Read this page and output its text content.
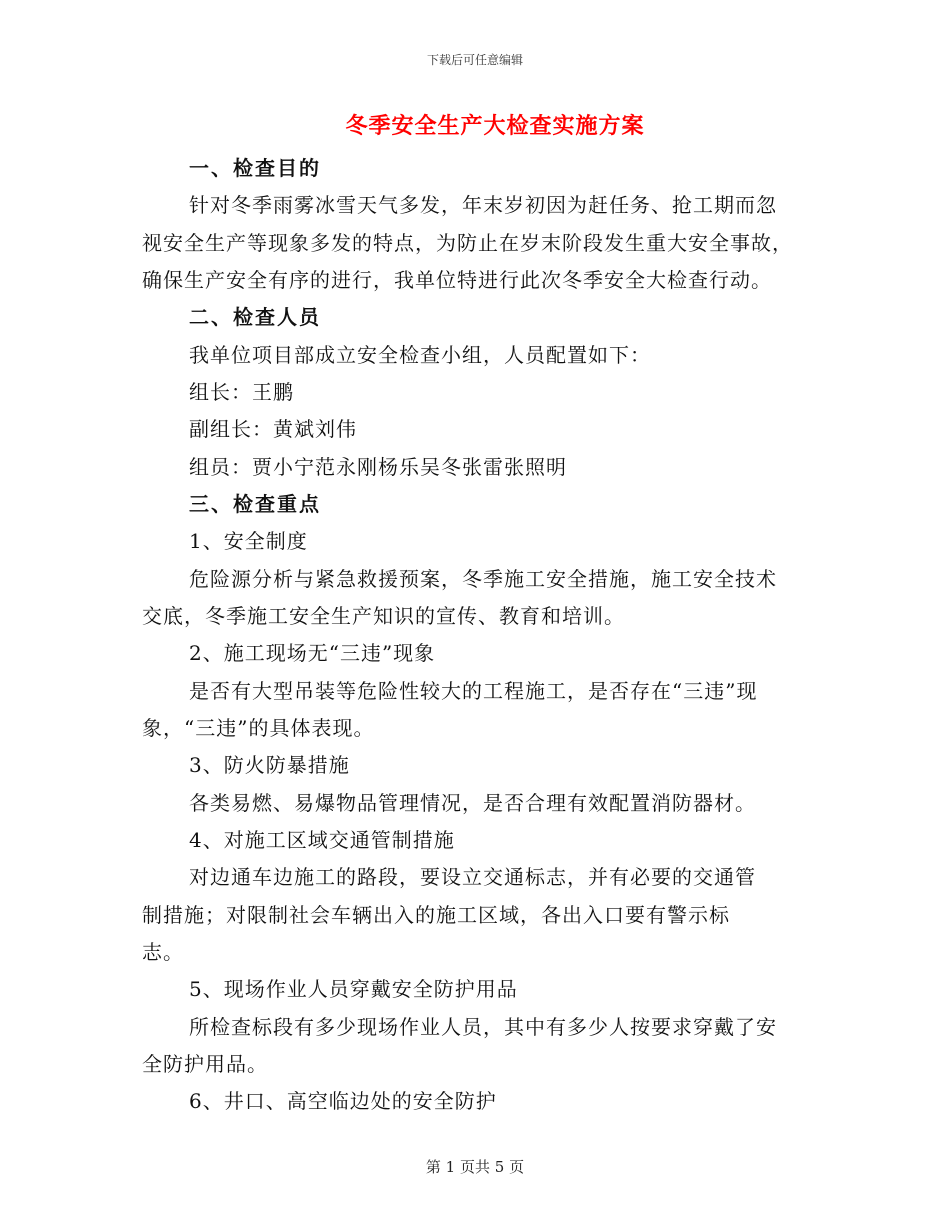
下载后可任意编辑
冬季安全生产大检查实施方案
一、检查目的
针对冬季雨雾冰雪天气多发，年末岁初因为赶任务、抢工期而忽
视安全生产等现象多发的特点，为防止在岁末阶段发生重大安全事故，
确保生产安全有序的进行，我单位特进行此次冬季安全大检查行动。
二、检查人员
我单位项目部成立安全检查小组，人员配置如下：
组长：王鹏
副组长：黄斌刘伟
组员：贾小宁范永刚杨乐吴冬张雷张照明
三、检查重点
1、安全制度
危险源分析与紧急救援预案，冬季施工安全措施，施工安全技术
交底，冬季施工安全生产知识的宣传、教育和培训。
2、施工现场无“三违”现象
是否有大型吊装等危险性较大的工程施工，是否存在“三违”现
象，“三违”的具体表现。
3、防火防暴措施
各类易燃、易爆物品管理情况，是否合理有效配置消防器材。
4、对施工区域交通管制措施
对边通车边施工的路段，要设立交通标志，并有必要的交通管
制措施；对限制社会车辆出入的施工区域，各出入口要有警示标
志。
5、现场作业人员穿戴安全防护用品
所检查标段有多少现场作业人员，其中有多少人按要求穿戴了安
全防护用品。
6、井口、高空临边处的安全防护
第 1 页共 5 页
